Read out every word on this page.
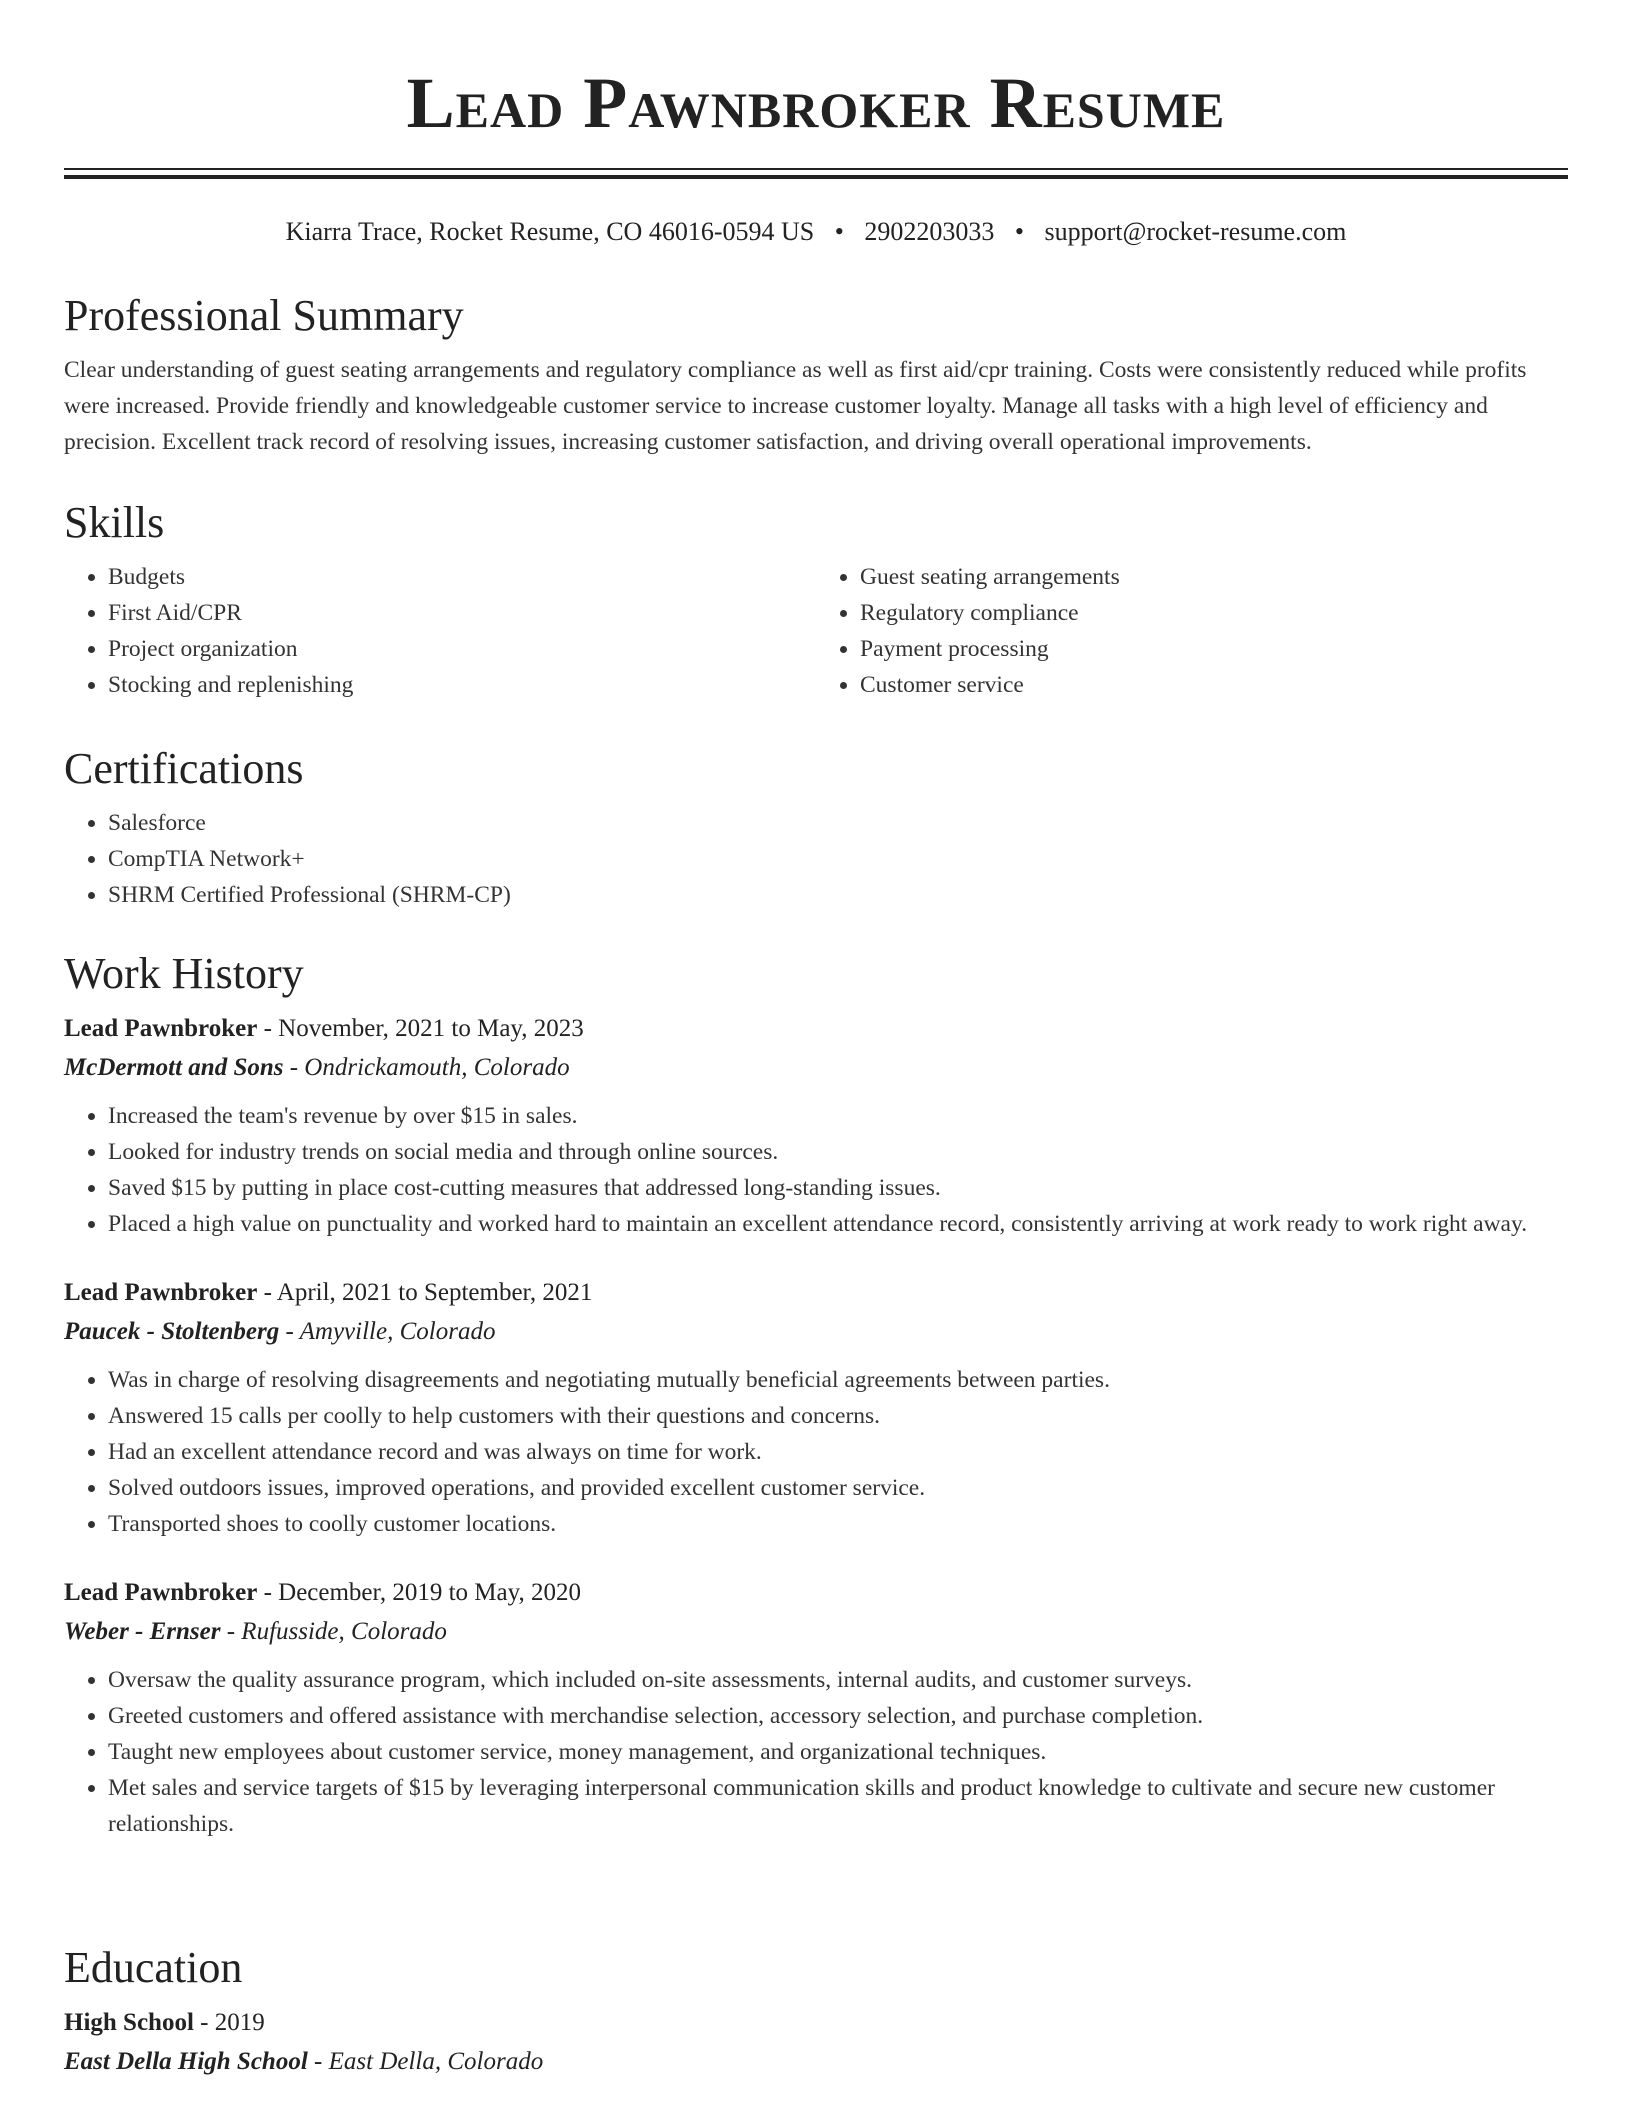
Lead Pawnbroker Resume
Kiarra Trace, Rocket Resume, CO 46016-0594 US • 2902203033 • support@rocket-resume.com
Professional Summary

Clear understanding of guest seating arrangements and regulatory compliance as well as first aid/cpr training. Costs were consistently reduced while profits were increased. Provide friendly and knowledgeable customer service to increase customer loyalty. Manage all tasks with a high level of efficiency and precision. Excellent track record of resolving issues, increasing customer satisfaction, and driving overall operational improvements.

Skills
• Budgets
• First Aid/CPR
• Project organization
• Stocking and replenishing
• Guest seating arrangements
• Regulatory compliance
• Payment processing
• Customer service
Certifications
• Salesforce
• CompTIA Network+
• SHRM Certified Professional (SHRM-CP)
Work History
Lead Pawnbroker - November, 2021 to May, 2023
McDermott and Sons - Ondrickamouth, Colorado
• Increased the team's revenue by over $15 in sales.
• Looked for industry trends on social media and through online sources.
• Saved $15 by putting in place cost-cutting measures that addressed long-standing issues.
• Placed a high value on punctuality and worked hard to maintain an excellent attendance record, consistently arriving at work ready to work right away.
Lead Pawnbroker - April, 2021 to September, 2021
Paucek - Stoltenberg - Amyville, Colorado
• Was in charge of resolving disagreements and negotiating mutually beneficial agreements between parties.
• Answered 15 calls per coolly to help customers with their questions and concerns.
• Had an excellent attendance record and was always on time for work.
• Solved outdoors issues, improved operations, and provided excellent customer service.
• Transported shoes to coolly customer locations.
Lead Pawnbroker - December, 2019 to May, 2020
Weber - Ernser - Rufusside, Colorado
• Oversaw the quality assurance program, which included on-site assessments, internal audits, and customer surveys.
• Greeted customers and offered assistance with merchandise selection, accessory selection, and purchase completion.
• Taught new employees about customer service, money management, and organizational techniques.
• Met sales and service targets of $15 by leveraging interpersonal communication skills and product knowledge to cultivate and secure new customer relationships.
Education
High School - 2019
East Della High School - East Della, Colorado
